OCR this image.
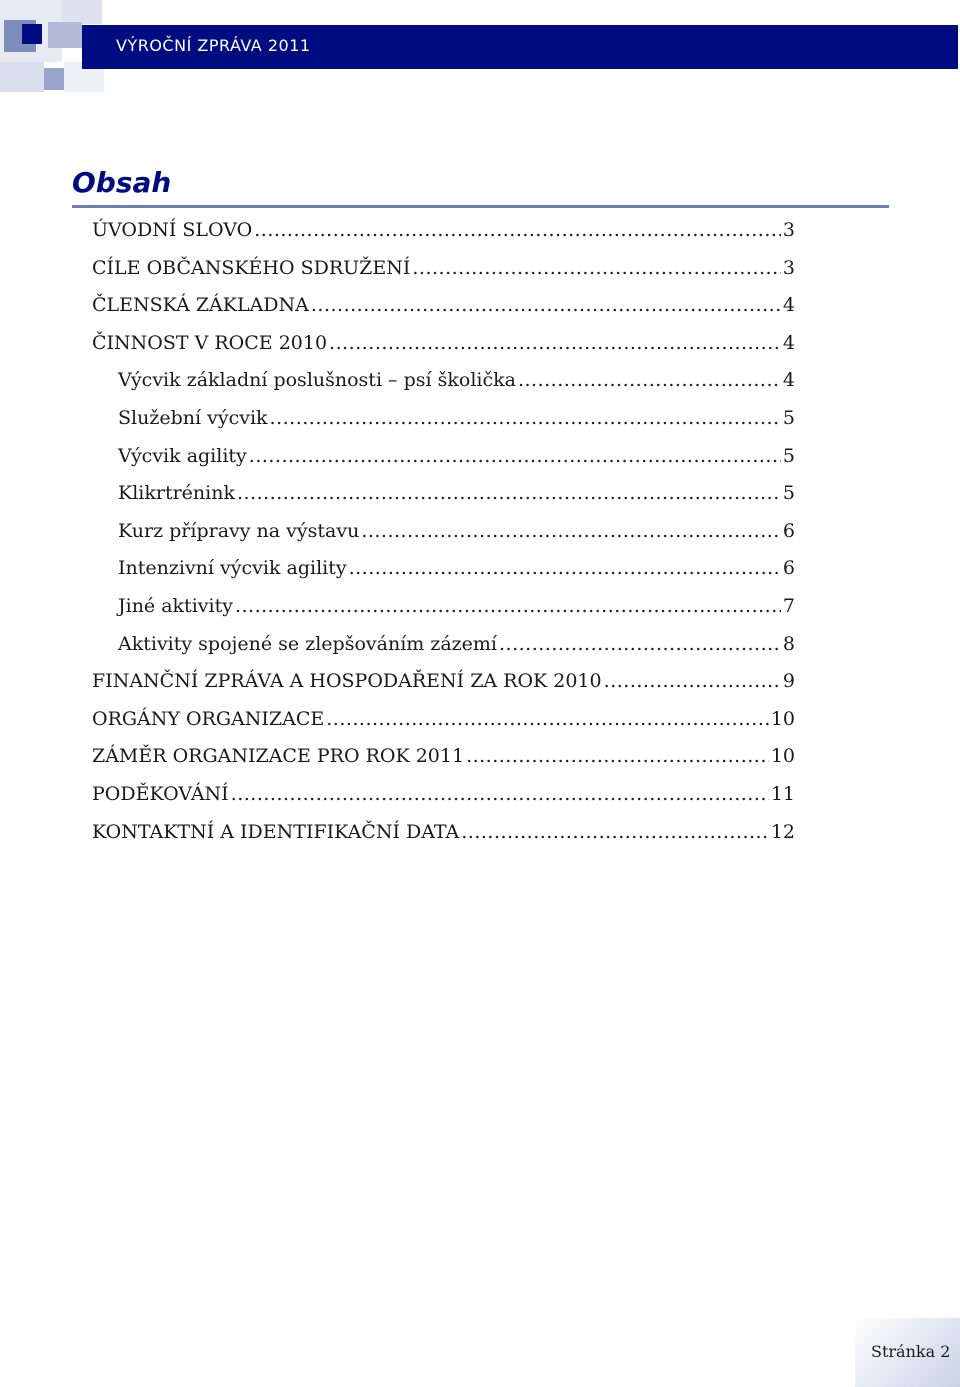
VÝROČNÍ ZPRÁVA 2011
Obsah
ÚVODNÍ SLOVO .....	3
CÍLE OBČANSKÉHO SDRUŽENÍ .....	3
ČLENSKÁ ZÁKLADNA .....	4
ČINNOST V ROCE 2010 .....	4
Výcvik základní poslušnosti – psí školička .....	4
Služební výcvik .....	5
Výcvik agility .....	5
Klikrtrénink .....	5
Kurz přípravy na výstavu .....	6
Intenzivní výcvik agility .....	6
Jiné aktivity .....	7
Aktivity spojené se zlepšováním zázemí .....	8
FINANČNÍ ZPRÁVA A HOSPODAŘENÍ ZA ROK 2010 .....	9
ORGÁNY ORGANIZACE .....	10
ZÁMĚR ORGANIZACE PRO ROK 2011 .....	10
PODĚKOVÁNÍ .....	11
KONTAKTNÍ A IDENTIFIKAČNÍ DATA .....	12
Stránka 2
